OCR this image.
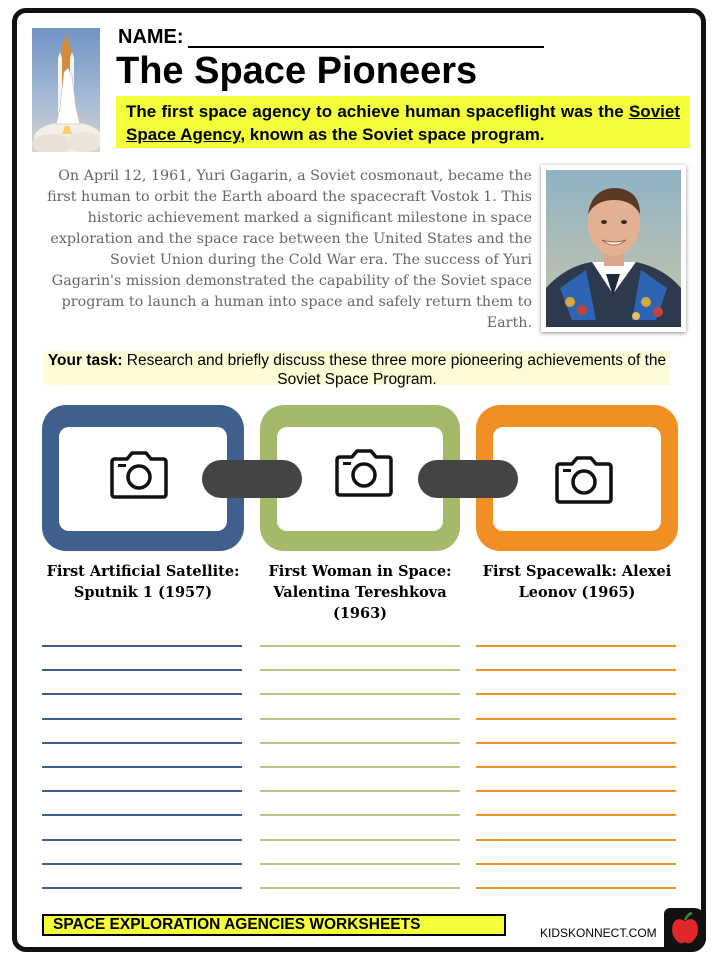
NAME:
The Space Pioneers
The first space agency to achieve human spaceflight was the Soviet Space Agency, known as the Soviet space program.
On April 12, 1961, Yuri Gagarin, a Soviet cosmonaut, became the first human to orbit the Earth aboard the spacecraft Vostok 1. This historic achievement marked a significant milestone in space exploration and the space race between the United States and the Soviet Union during the Cold War era. The success of Yuri Gagarin's mission demonstrated the capability of the Soviet space program to launch a human into space and safely return them to Earth.
Your task: Research and briefly discuss these three more pioneering achievements of the Soviet Space Program.
First Artificial Satellite: Sputnik 1 (1957)
First Woman in Space: Valentina Tereshkova (1963)
First Spacewalk: Alexei Leonov (1965)
SPACE EXPLORATION AGENCIES WORKSHEETS	KIDSKONNECT.COM
